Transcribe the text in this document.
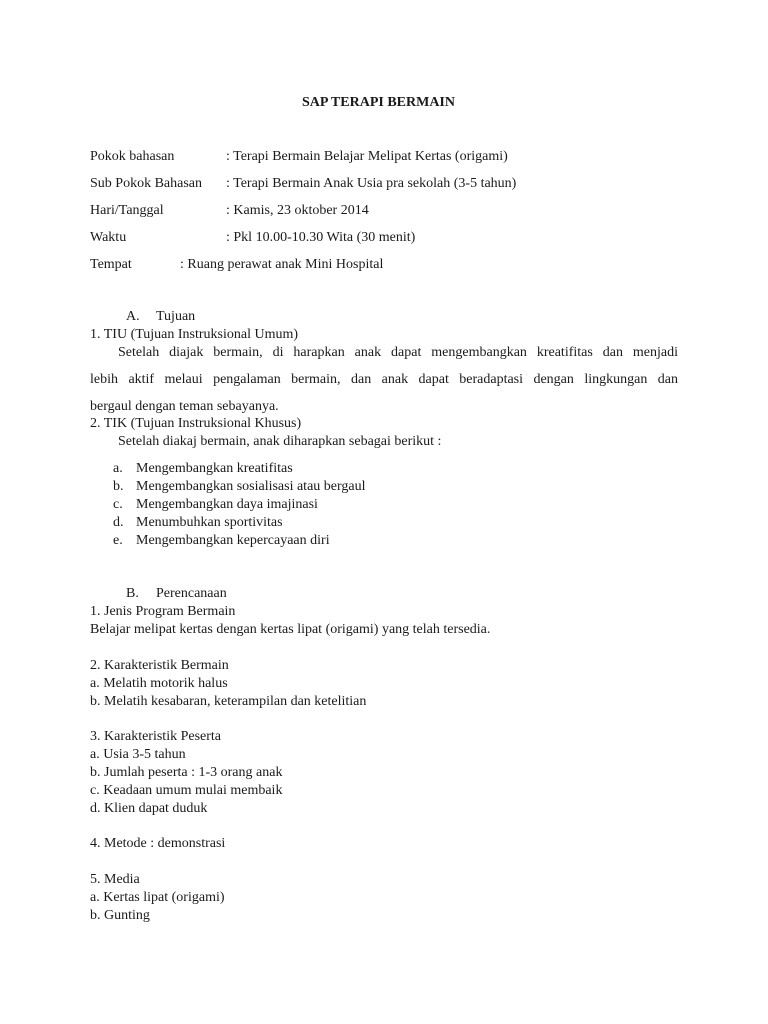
SAP TERAPI BERMAIN
Pokok bahasan	: Terapi Bermain Belajar Melipat Kertas (origami)
Sub Pokok Bahasan : Terapi Bermain Anak Usia pra sekolah (3-5 tahun)
Hari/Tanggal	: Kamis, 23 oktober 2014
Waktu	: Pkl 10.00-10.30 Wita (30 menit)
Tempat	: Ruang perawat anak Mini Hospital
A. Tujuan
1. TIU (Tujuan Instruksional Umum)
Setelah diajak bermain, di harapkan anak dapat mengembangkan kreatifitas dan menjadi
lebih aktif melaui pengalaman bermain, dan anak dapat beradaptasi dengan lingkungan dan
bergaul dengan teman sebayanya.
2. TIK (Tujuan Instruksional Khusus)
Setelah diakaj bermain, anak diharapkan sebagai berikut :
a. Mengembangkan kreatifitas
b. Mengembangkan sosialisasi atau bergaul
c. Mengembangkan daya imajinasi
d. Menumbuhkan sportivitas
e. Mengembangkan kepercayaan diri
B. Perencanaan
1. Jenis Program Bermain
Belajar melipat kertas dengan kertas lipat (origami) yang telah tersedia.
2. Karakteristik Bermain
a. Melatih motorik halus
b. Melatih kesabaran, keterampilan dan ketelitian
3. Karakteristik Peserta
a. Usia 3-5 tahun
b. Jumlah peserta : 1-3 orang anak
c. Keadaan umum mulai membaik
d. Klien dapat duduk
4. Metode : demonstrasi
5. Media
a. Kertas lipat (origami)
b. Gunting
